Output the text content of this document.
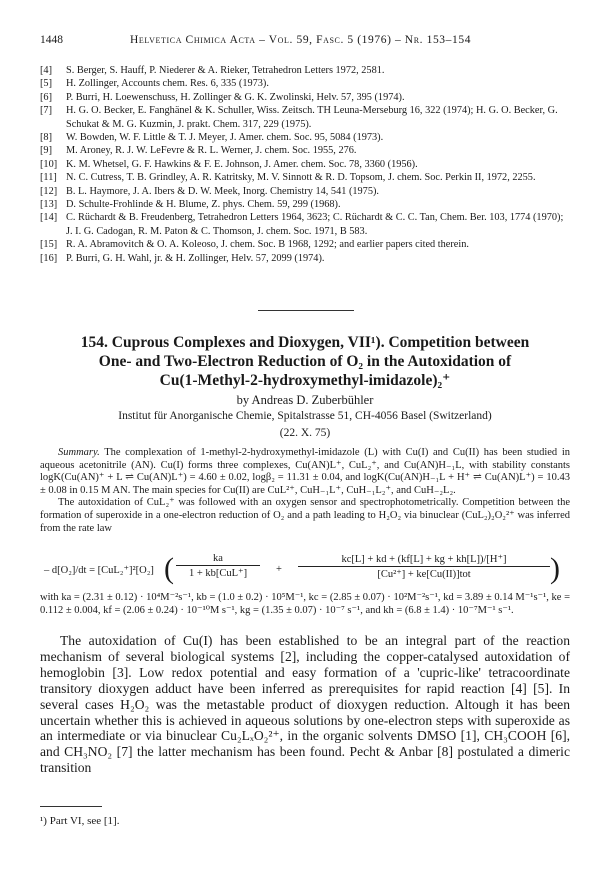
1448	Helvetica Chimica Acta – Vol. 59, Fasc. 5 (1976) – Nr. 153–154
[4]	S. Berger, S. Hauff, P. Niederer & A. Rieker, Tetrahedron Letters 1972, 2581.
[5]	H. Zollinger, Accounts chem. Res. 6, 335 (1973).
[6]	P. Burri, H. Loewenschuss, H. Zollinger & G. K. Zwolinski, Helv. 57, 395 (1974).
[7]	H. G. O. Becker, E. Fanghänel & K. Schuller, Wiss. Zeitsch. TH Leuna-Merseburg 16, 322 (1974); H. G. O. Becker, G. Schukat & M. G. Kuzmin, J. prakt. Chem. 317, 229 (1975).
[8]	W. Bowden, W. F. Little & T. J. Meyer, J. Amer. chem. Soc. 95, 5084 (1973).
[9]	M. Aroney, R. J. W. LeFevre & R. L. Werner, J. chem. Soc. 1955, 276.
[10] K. M. Whetsel, G. F. Hawkins & F. E. Johnson, J. Amer. chem. Soc. 78, 3360 (1956).
[11] N. C. Cutress, T. B. Grindley, A. R. Katritsky, M. V. Sinnott & R. D. Topsom, J. chem. Soc. Perkin II, 1972, 2255.
[12] B. L. Haymore, J. A. Ibers & D. W. Meek, Inorg. Chemistry 14, 541 (1975).
[13] D. Schulte-Frohlinde & H. Blume, Z. phys. Chem. 59, 299 (1968).
[14] C. Rüchardt & B. Freudenberg, Tetrahedron Letters 1964, 3623; C. Rüchardt & C. C. Tan, Chem. Ber. 103, 1774 (1970); J. I. G. Cadogan, R. M. Paton & C. Thomson, J. chem. Soc. 1971, B 583.
[15] R. A. Abramovitch & O. A. Koleoso, J. chem. Soc. B 1968, 1292; and earlier papers cited therein.
[16] P. Burri, G. H. Wahl, jr. & H. Zollinger, Helv. 57, 2099 (1974).
154. Cuprous Complexes and Dioxygen, VII¹). Competition between
One- and Two-Electron Reduction of O₂ in the Autoxidation of
Cu(1-Methyl-2-hydroxymethyl-imidazole)₂⁺
by Andreas D. Zuberbühler
Institut für Anorganische Chemie, Spitalstrasse 51, CH-4056 Basel (Switzerland)
(22. X. 75)

Summary. The complexation of 1-methyl-2-hydroxymethyl-imidazole (L) with Cu(I) and Cu(II) has been studied in aqueous acetonitrile (AN). Cu(I) forms three complexes, Cu(AN)L⁺, CuL₂⁺, and Cu(AN)H₋₁L, with stability constants logK(Cu(AN)⁺ + L ⇌ Cu(AN)L⁺) = 4.60 ± 0.02, logβ₂ = 11.31 ± 0.04, and logK(Cu(AN)H₋₁L + H⁺ ⇌ Cu(AN)L⁺) = 10.43 ± 0.08 in 0.15 M AN. The main species for Cu(II) are CuL²⁺, CuH₋₁L⁺, CuH₋₁L₂⁺, and CuH₋₂L₂.

The autoxidation of CuL₂⁺ was followed with an oxygen sensor and spectrophotometrically. Competition between the formation of superoxide in a one-electron reduction of O₂ and a path leading to H₂O₂ via binuclear (CuL₂)₂O₂²⁺ was inferred from the rate law

– d[O₂]/dt = [CuL₂⁺]²[O₂] (	ka
1 + kb[CuL⁺]	+
kc[L] + kd + (kf[L] + kg + kh[L])/[H⁺]
[Cu²⁺] + ke[Cu(II)]tot	)
with ka = (2.31 ± 0.12) · 10⁴M⁻²s⁻¹, kb = (1.0 ± 0.2) · 10⁵M⁻¹, kc = (2.85 ± 0.07) · 10²M⁻²s⁻¹, kd = 3.89 ± 0.14 M⁻¹s⁻¹, ke = 0.112 ± 0.004, kf = (2.06 ± 0.24) · 10⁻¹⁰M s⁻¹, kg = (1.35 ± 0.07) · 10⁻⁷ s⁻¹, and kh = (6.8 ± 1.4) · 10⁻⁷M⁻¹ s⁻¹.

The autoxidation of Cu(I) has been established to be an integral part of the reaction mechanism of several biological systems [2], including the copper-catalysed autoxidation of hemoglobin [3]. Low redox potential and easy formation of a 'cupric-like' tetracoordinate transitory dioxygen adduct have been inferred as prerequisites for rapid reaction [4] [5]. In several cases H₂O₂ was the metastable product of dioxygen reduction. Altough it has been uncertain whether this is achieved in aqueous solutions by one-electron steps with superoxide as an intermediate or via binuclear Cu₂LₓO₂²⁺, in the organic solvents DMSO [1], CH₃COOH [6], and CH₃NO₂ [7] the latter mechanism has been found. Pecht & Anbar [8] postulated a dimeric transition

¹) Part VI, see [1].
